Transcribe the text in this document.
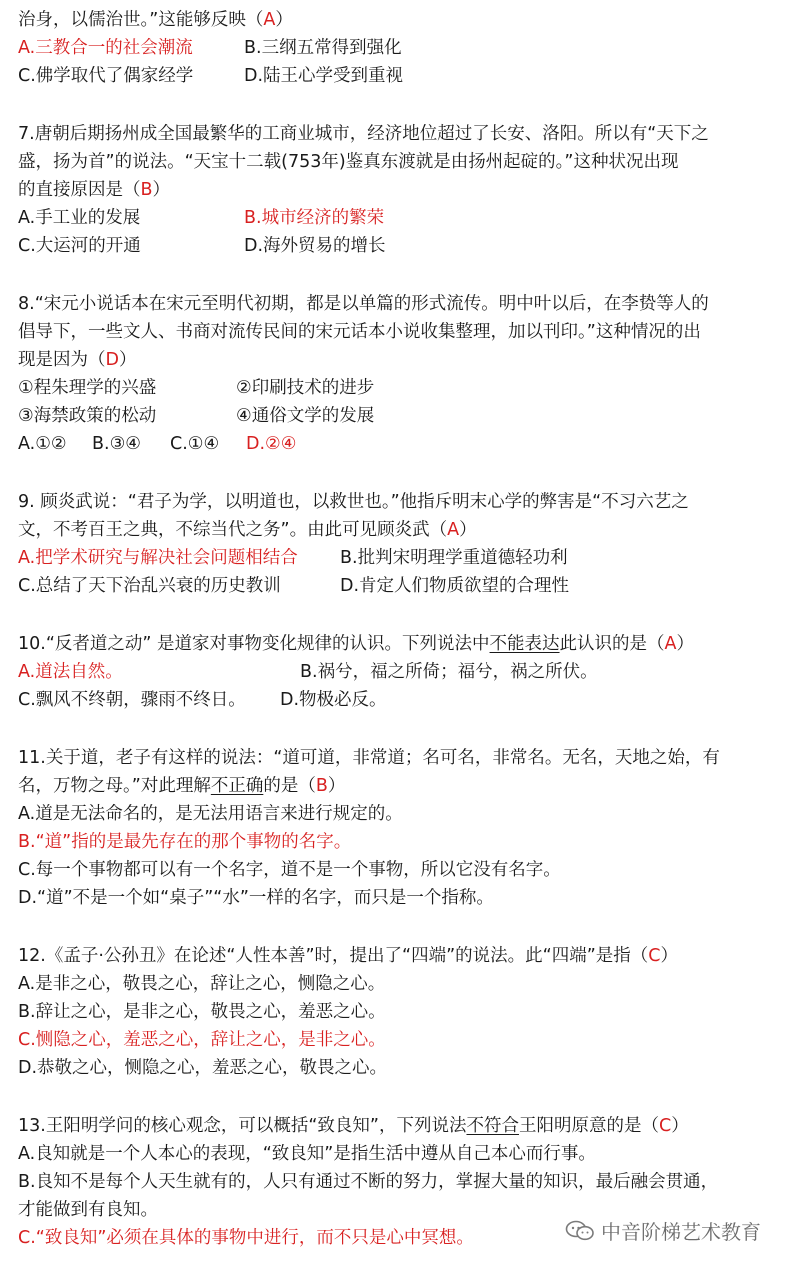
治身，以儒治世。”这能够反映（A）
A.三教合一的社会潮流	B.三纲五常得到强化
C.佛学取代了偶家经学	D.陆王心学受到重视
7.唐朝后期扬州成全国最繁华的工商业城市，经济地位超过了长安、洛阳。所以有“天下之
盛，扬为首”的说法。“天宝十二载(753年)鉴真东渡就是由扬州起碇的。”这种状况出现
的直接原因是（B）
A.手工业的发展	B.城市经济的繁荣
C.大运河的开通	D.海外贸易的增长
8.“宋元小说话本在宋元至明代初期，都是以单篇的形式流传。明中叶以后，在李贽等人的
倡导下，一些文人、书商对流传民间的宋元话本小说收集整理，加以刊印。”这种情况的出
现是因为（D）
①程朱理学的兴盛	②印刷技术的进步
③海禁政策的松动	④通俗文学的发展
A.①②	B.③④	C.①④	D.②④
9. 顾炎武说：“君子为学，以明道也，以救世也。”他指斥明末心学的弊害是“不习六艺之
文，不考百王之典，不综当代之务”。由此可见顾炎武（A）
A.把学术研究与解决社会问题相结合	B.批判宋明理学重道德轻功利
C.总结了天下治乱兴衰的历史教训	D.肯定人们物质欲望的合理性
10.“反者道之动” 是道家对事物变化规律的认识。下列说法中不能表达此认识的是（A）
A.道法自然。	B.祸兮，福之所倚；福兮，祸之所伏。
C.飘风不终朝，骤雨不终日。	D.物极必反。
11.关于道，老子有这样的说法：“道可道，非常道；名可名，非常名。无名，天地之始，有
名，万物之母。”对此理解不正确的是（B）
A.道是无法命名的，是无法用语言来进行规定的。
B.“道”指的是最先存在的那个事物的名字。
C.每一个事物都可以有一个名字，道不是一个事物，所以它没有名字。
D.“道”不是一个如“桌子”“水”一样的名字，而只是一个指称。
12.《孟子·公孙丑》在论述“人性本善”时，提出了“四端”的说法。此“四端”是指（C）
A.是非之心，敬畏之心，辞让之心，恻隐之心。
B.辞让之心，是非之心，敬畏之心，羞恶之心。
C.恻隐之心，羞恶之心，辞让之心，是非之心。
D.恭敬之心，恻隐之心，羞恶之心，敬畏之心。
13.王阳明学问的核心观念，可以概括“致良知”，下列说法不符合王阳明原意的是（C）
A.良知就是一个人本心的表现，“致良知”是指生活中遵从自己本心而行事。
B.良知不是每个人天生就有的，人只有通过不断的努力，掌握大量的知识，最后融会贯通，
才能做到有良知。
C.“致良知”必须在具体的事物中进行，而不只是心中冥想。	中音阶梯艺术教育
